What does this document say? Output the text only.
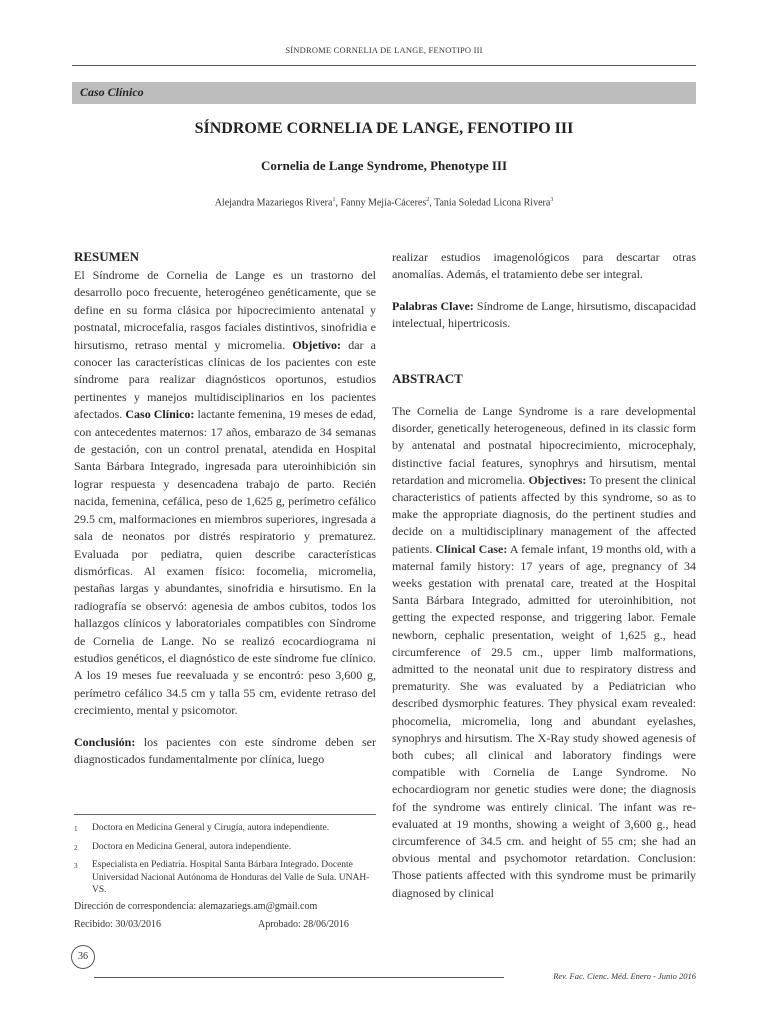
SÍNDROME CORNELIA DE LANGE, FENOTIPO III
Caso Clínico
SÍNDROME CORNELIA DE LANGE, FENOTIPO III
Cornelia de Lange Syndrome, Phenotype III
Alejandra Mazariegos Rivera$^1$, Fanny Mejía-Cáceres$^2$, Tania Soledad Licona Rivera$^3$
RESUMEN

El Síndrome de Cornelia de Lange es un trastorno del desarrollo poco frecuente, heterogéneo genéticamente, que se define en su forma clásica por hipocrecimiento antenatal y postnatal, microcefalia, rasgos faciales distintivos, sinofridia e hirsutismo, retraso mental y micromelia. Objetivo: dar a conocer las características clínicas de los pacientes con este síndrome para realizar diagnósticos oportunos, estudios pertinentes y manejos multidisciplinarios en los pacientes afectados. Caso Clínico: lactante femenina, 19 meses de edad, con antecedentes maternos: 17 años, embarazo de 34 semanas de gestación, con un control prenatal, atendida en Hospital Santa Bárbara Integrado, ingresada para uteroinhibición sin lograr respuesta y desencadena trabajo de parto. Recién nacida, femenina, cefálica, peso de 1,625 g, perímetro cefálico 29.5 cm, malformaciones en miembros superiores, ingresada a sala de neonatos por distrés respiratorio y prematurez. Evaluada por pediatra, quien describe características dismórficas. Al examen físico: focomelia, micromelia, pestañas largas y abundantes, sinofridia e hirsutismo. En la radiografía se observó: agenesia de ambos cubitos, todos los hallazgos clínicos y laboratoriales compatibles con Síndrome de Cornelia de Lange. No se realizó ecocardiograma ni estudios genéticos, el diagnóstico de este síndrome fue clínico. A los 19 meses fue reevaluada y se encontró: peso 3,600 g, perímetro cefálico 34.5 cm y talla 55 cm, evidente retraso del crecimiento, mental y psicomotor.

Conclusión: los pacientes con este síndrome deben ser diagnosticados fundamentalmente por clínica, luego

realizar estudios imagenológicos para descartar otras anomalías. Además, el tratamiento debe ser integral.

Palabras Clave: Síndrome de Lange, hirsutismo, discapacidad intelectual, hipertricosis.

ABSTRACT
The Cornelia de Lange Syndrome is a rare developmental disorder, genetically heterogeneous, defined in its classic form by antenatal and postnatal hipocrecimiento, microcephaly, distinctive facial features, synophrys and hirsutism, mental retardation and micromelia. Objectives: To present the clinical characteristics of patients affected by this syndrome, so as to make the appropriate diagnosis, do the pertinent studies and decide on a multidisciplinary management of the affected patients. Clinical Case: A female infant, 19 months old, with a maternal family history: 17 years of age, pregnancy of 34 weeks gestation with prenatal care, treated at the Hospital Santa Bárbara Integrado, admitted for uteroinhibition, not getting the expected response, and triggering labor. Female newborn, cephalic presentation, weight of 1,625 g., head circumference of 29.5 cm., upper limb malformations, admitted to the neonatal unit due to respiratory distress and prematurity. She was evaluated by a Pediatrician who described dysmorphic features. They physical exam revealed: phocomelia, micromelia, long and abundant eyelashes, synophrys and hirsutism. The X-Ray study showed agenesis of both cubes; all clinical and laboratory findings were compatible with Cornelia de Lange Syndrome. No echocardiogram nor genetic studies were done; the diagnosis fof the syndrome was entirely clinical. The infant was re-evaluated at 19 months, showing a weight of 3,600 g., head circumference of 34.5 cm. and height of 55 cm; she had an obvious mental and psychomotor retardation. Conclusion: Those patients affected with this syndrome must be primarily diagnosed by clinical
1	Doctora en Medicina General y Cirugía, autora independiente.
2	Doctora en Medicina General, autora independiente.
3	Especialista en Pediatría. Hospital Santa Bárbara Integrado. Docente Universidad Nacional Autónoma de Honduras del Valle de Sula. UNAH-VS.
Dirección de correspondencia: alemazariegs.am@gmail.com
Recibido: 30/03/2016	Aprobado: 28/06/2016
36
Rev. Fac. Cienc. Méd. Enero - Junio 2016
